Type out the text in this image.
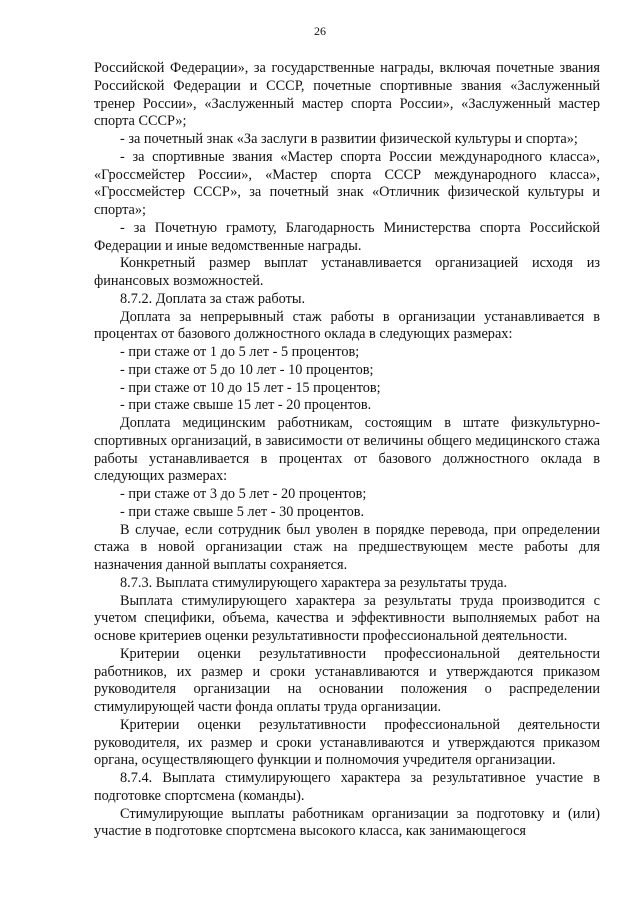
26

Российской Федерации», за государственные награды, включая почетные звания Российской Федерации и СССР, почетные спортивные звания «Заслуженный тренер России», «Заслуженный мастер спорта России», «Заслуженный мастер спорта СССР»;

- за почетный знак «За заслуги в развитии физической культуры и спорта»;

- за спортивные звания «Мастер спорта России международного класса», «Гроссмейстер России», «Мастер спорта СССР международного класса», «Гроссмейстер СССР», за почетный знак «Отличник физической культуры и спорта»;

- за Почетную грамоту, Благодарность Министерства спорта Российской Федерации и иные ведомственные награды.

Конкретный размер выплат устанавливается организацией исходя из финансовых возможностей.

8.7.2. Доплата за стаж работы.

Доплата за непрерывный стаж работы в организации устанавливается в процентах от базового должностного оклада в следующих размерах:

- при стаже от 1 до 5 лет - 5 процентов;

- при стаже от 5 до 10 лет - 10 процентов;

- при стаже от 10 до 15 лет - 15 процентов;

- при стаже свыше 15 лет - 20 процентов.

Доплата медицинским работникам, состоящим в штате физкультурно-спортивных организаций, в зависимости от величины общего медицинского стажа работы устанавливается в процентах от базового должностного оклада в следующих размерах:

- при стаже от 3 до 5 лет - 20 процентов;

- при стаже свыше 5 лет - 30 процентов.

В случае, если сотрудник был уволен в порядке перевода, при определении стажа в новой организации стаж на предшествующем месте работы для назначения данной выплаты сохраняется.

8.7.3. Выплата стимулирующего характера за результаты труда.

Выплата стимулирующего характера за результаты труда производится с учетом специфики, объема, качества и эффективности выполняемых работ на основе критериев оценки результативности профессиональной деятельности.

Критерии оценки результативности профессиональной деятельности работников, их размер и сроки устанавливаются и утверждаются приказом руководителя организации на основании положения о распределении стимулирующей части фонда оплаты труда организации.

Критерии оценки результативности профессиональной деятельности руководителя, их размер и сроки устанавливаются и утверждаются приказом органа, осуществляющего функции и полномочия учредителя организации.

8.7.4. Выплата стимулирующего характера за результативное участие в подготовке спортсмена (команды).

Стимулирующие выплаты работникам организации за подготовку и (или) участие в подготовке спортсмена высокого класса, как занимающегося
